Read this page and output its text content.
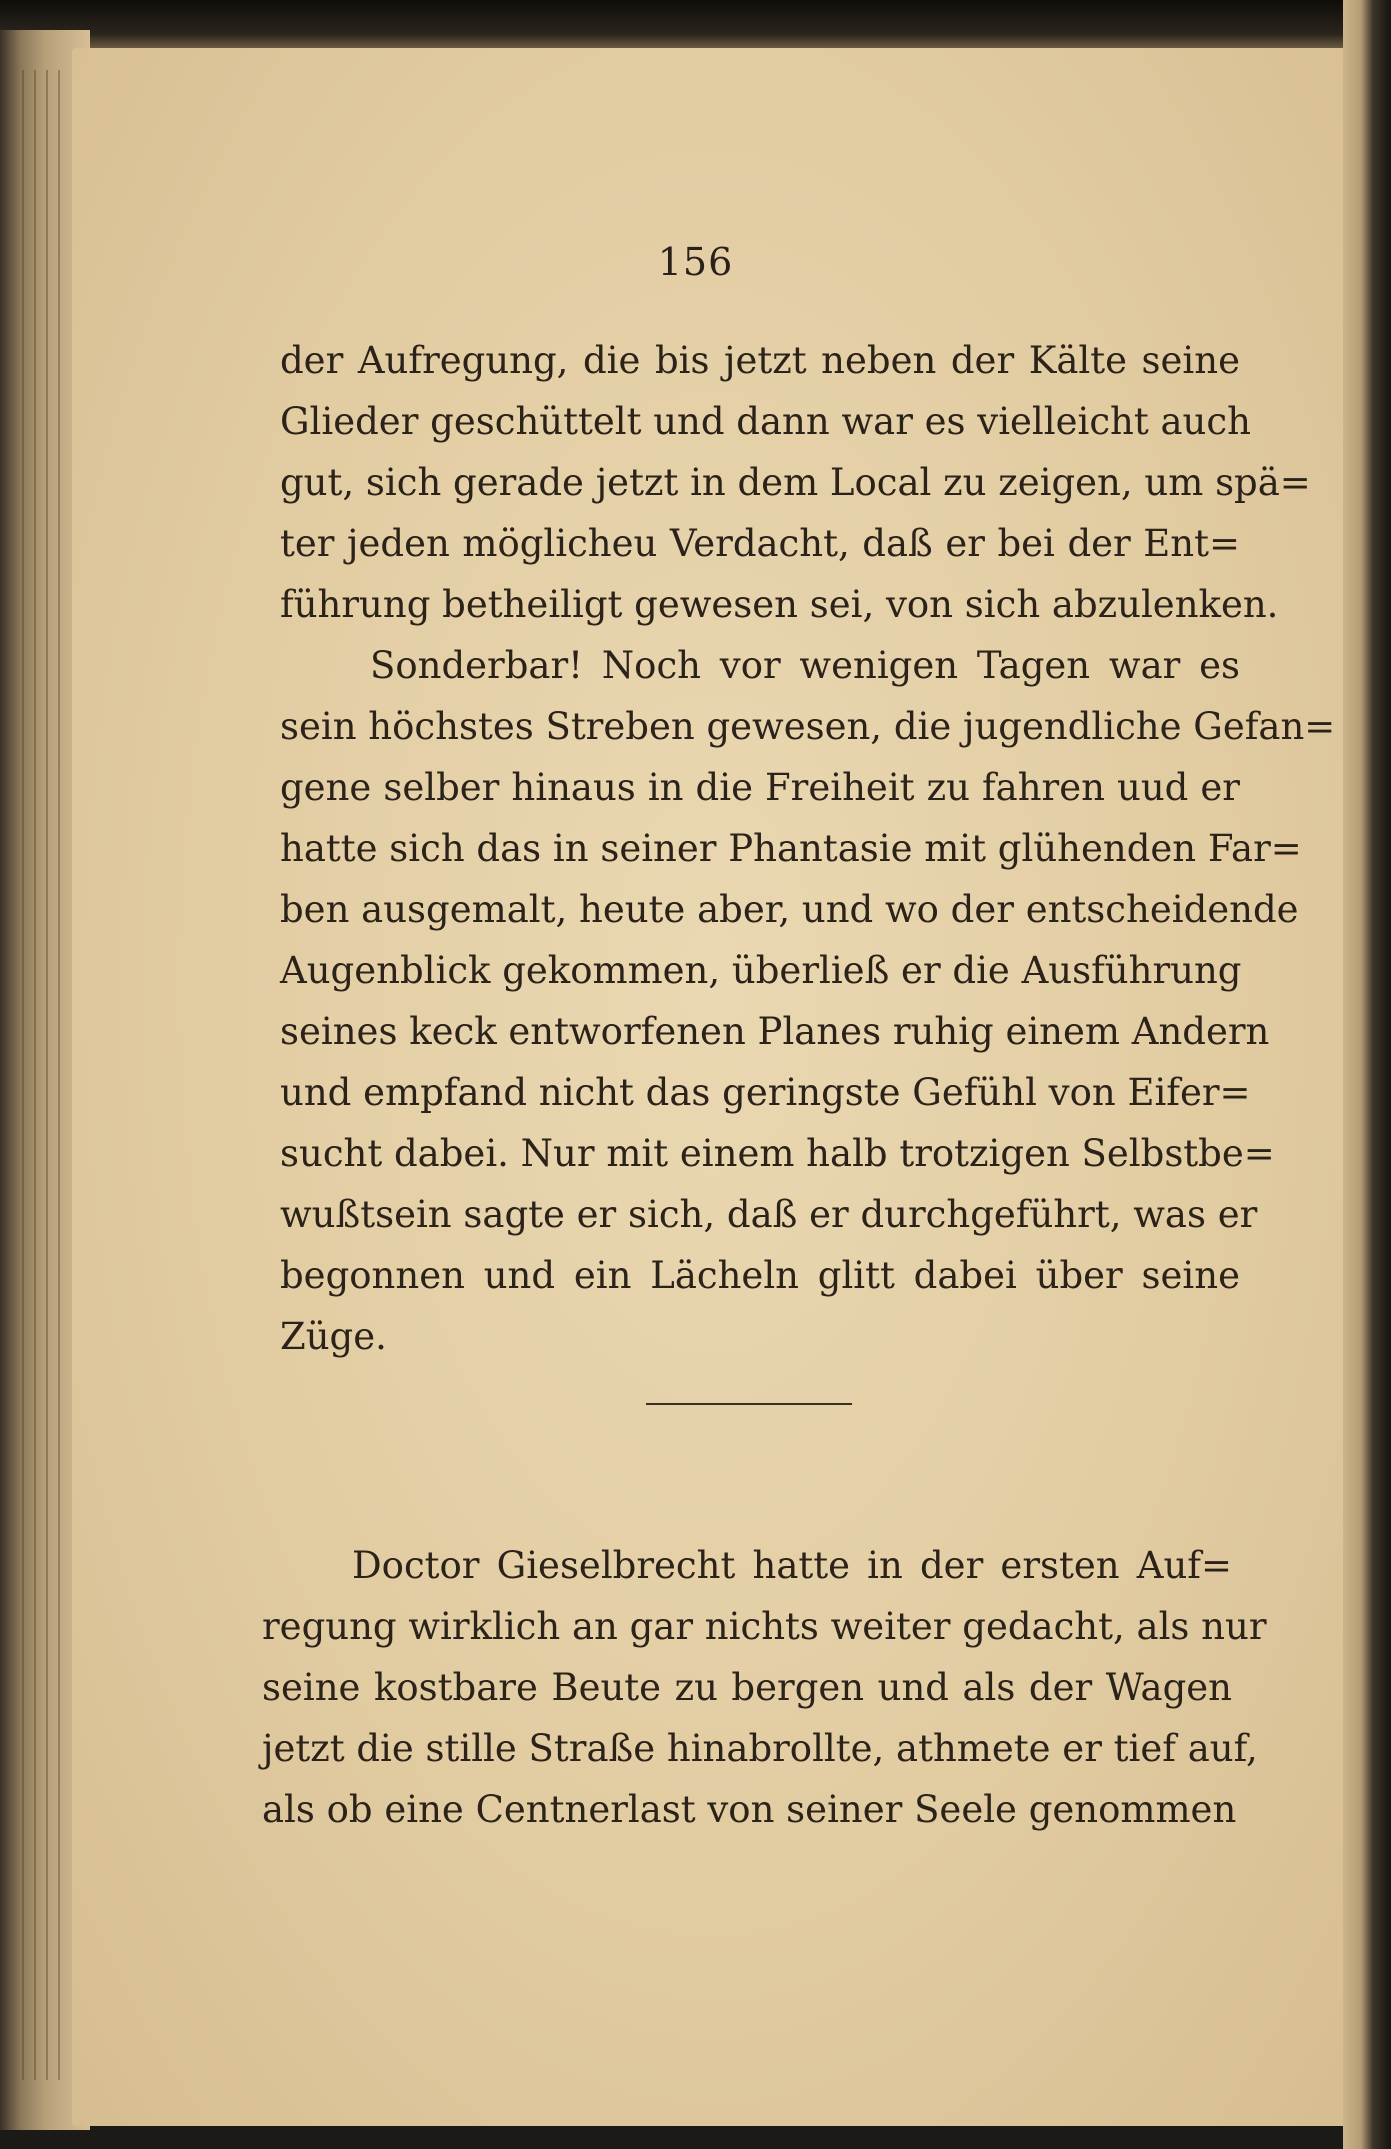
156
der Aufregung, die bis jetzt neben der Kälte seine
Glieder geschüttelt und dann war es vielleicht auch
gut, sich gerade jetzt in dem Local zu zeigen, um spä=
ter jeden möglicheu Verdacht, daß er bei der Ent=
führung betheiligt gewesen sei, von sich abzulenken.
Sonderbar! Noch vor wenigen Tagen war es
sein höchstes Streben gewesen, die jugendliche Gefan=
gene selber hinaus in die Freiheit zu fahren uud er
hatte sich das in seiner Phantasie mit glühenden Far=
ben ausgemalt, heute aber, und wo der entscheidende
Augenblick gekommen, überließ er die Ausführung
seines keck entworfenen Planes ruhig einem Andern
und empfand nicht das geringste Gefühl von Eifer=
sucht dabei. Nur mit einem halb trotzigen Selbstbe=
wußtsein sagte er sich, daß er durchgeführt, was er
begonnen und ein Lächeln glitt dabei über seine
Züge.
Doctor Gieselbrecht hatte in der ersten Auf=
regung wirklich an gar nichts weiter gedacht, als nur
seine kostbare Beute zu bergen und als der Wagen
jetzt die stille Straße hinabrollte, athmete er tief auf,
als ob eine Centnerlast von seiner Seele genommen
